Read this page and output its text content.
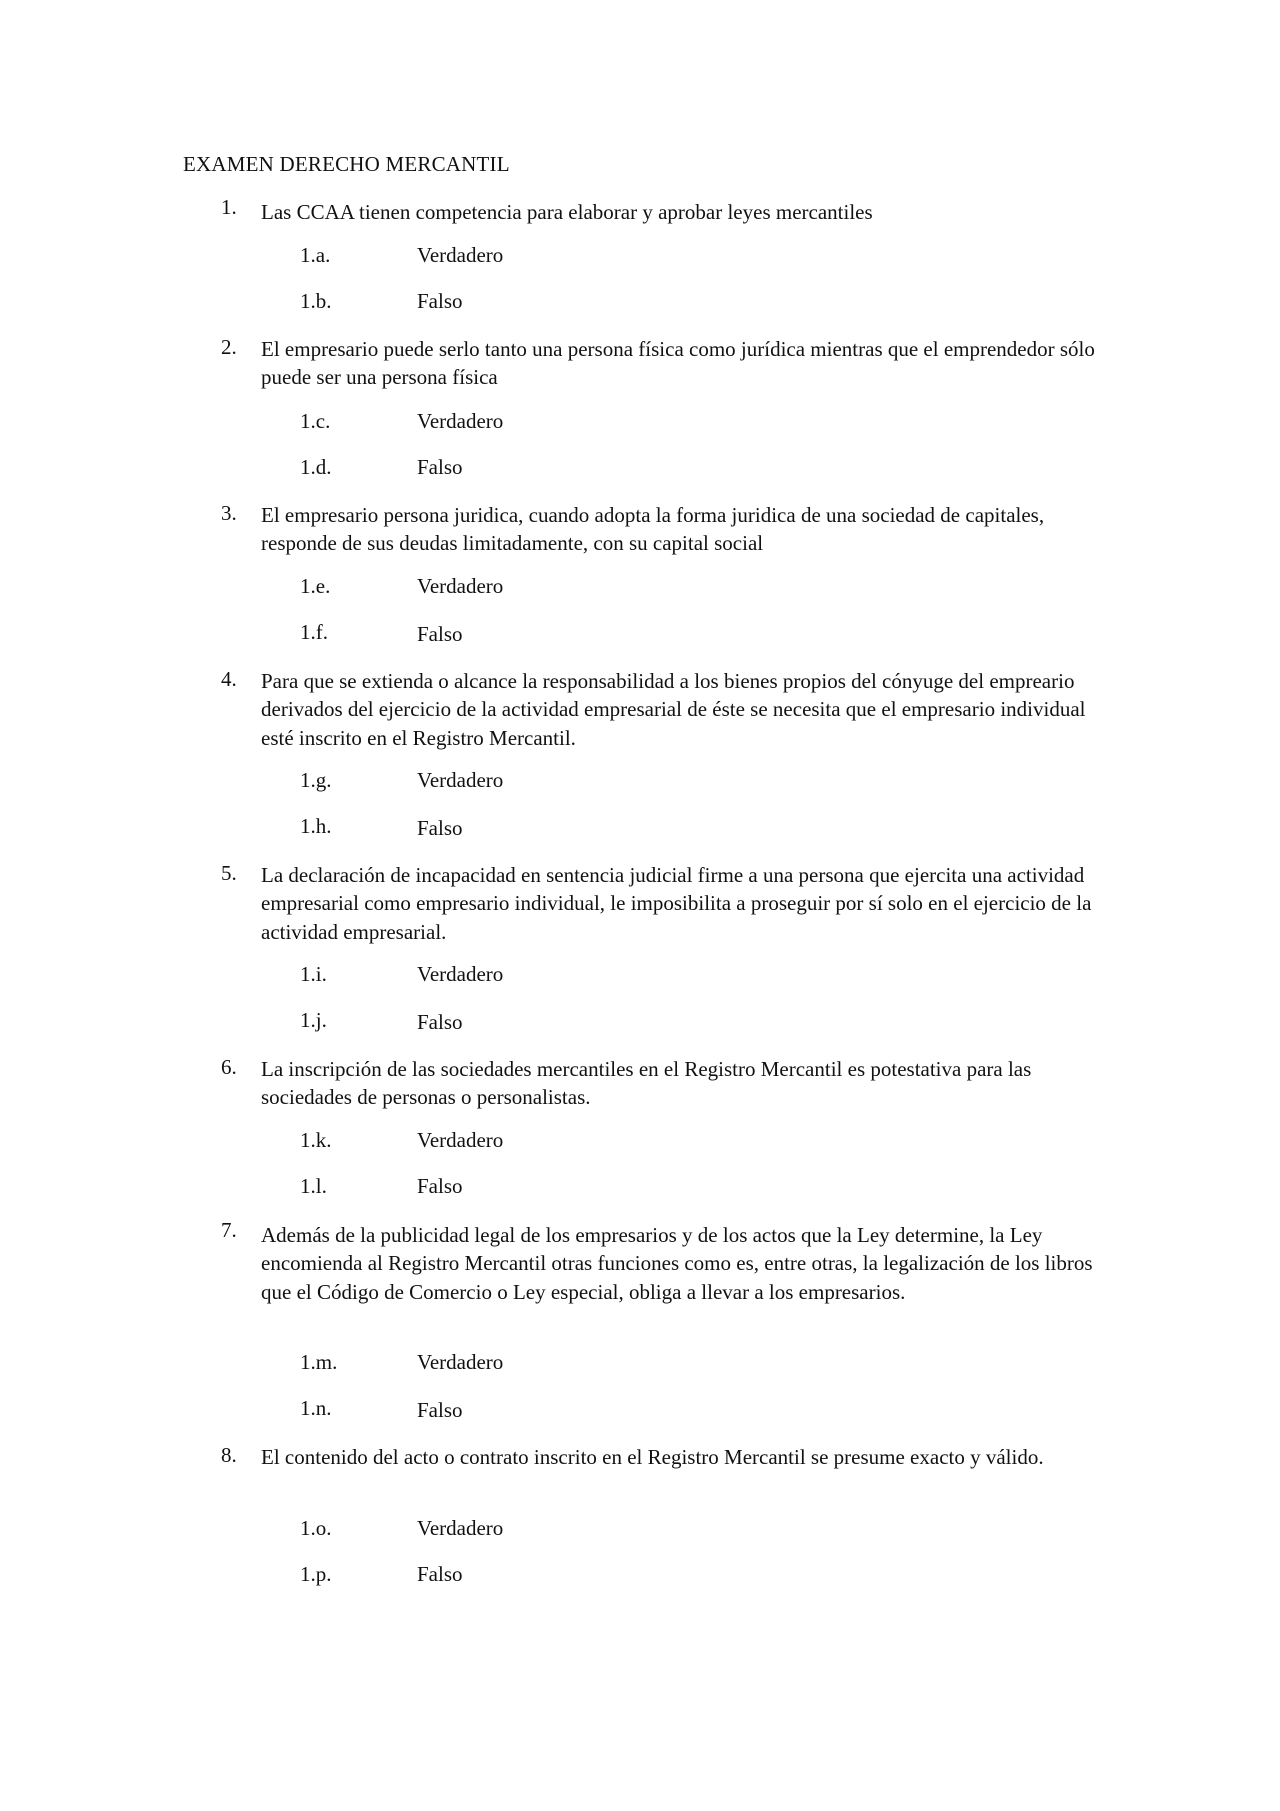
EXAMEN DERECHO MERCANTIL
1.	Las CCAA tienen competencia para elaborar y aprobar leyes mercantiles
1.a.	Verdadero
1.b.	Falso
2.	El empresario puede serlo tanto una persona física como jurídica mientras que el emprendedor sólo puede ser una persona física
1.c.	Verdadero
1.d.	Falso
3.	El empresario persona juridica, cuando adopta la forma juridica de una sociedad de capitales, responde de sus deudas limitadamente, con su capital social
1.e.	Verdadero
1.f.	Falso
4.	Para que se extienda o alcance la responsabilidad a los bienes propios del cónyuge del empreario derivados del ejercicio de la actividad empresarial de éste se necesita que el empresario individual esté inscrito en el Registro Mercantil.
1.g.	Verdadero
1.h.	Falso
5.	La declaración de incapacidad en sentencia judicial firme a una persona que ejercita una actividad empresarial como empresario individual, le imposibilita a proseguir por sí solo en el ejercicio de la actividad empresarial.
1.i.	Verdadero
1.j.	Falso
6.	La inscripción de las sociedades mercantiles en el Registro Mercantil es potestativa para las sociedades de personas o personalistas.
1.k.	Verdadero
1.l.	Falso
7.	Además de la publicidad legal de los empresarios y de los actos que la Ley determine, la Ley encomienda al Registro Mercantil otras funciones como es, entre otras, la legalización de los libros que el Código de Comercio o Ley especial, obliga a llevar a los empresarios.
1.m.	Verdadero
1.n.	Falso
8.	El contenido del acto o contrato inscrito en el Registro Mercantil se presume exacto y válido.
1.o.	Verdadero
1.p.	Falso
